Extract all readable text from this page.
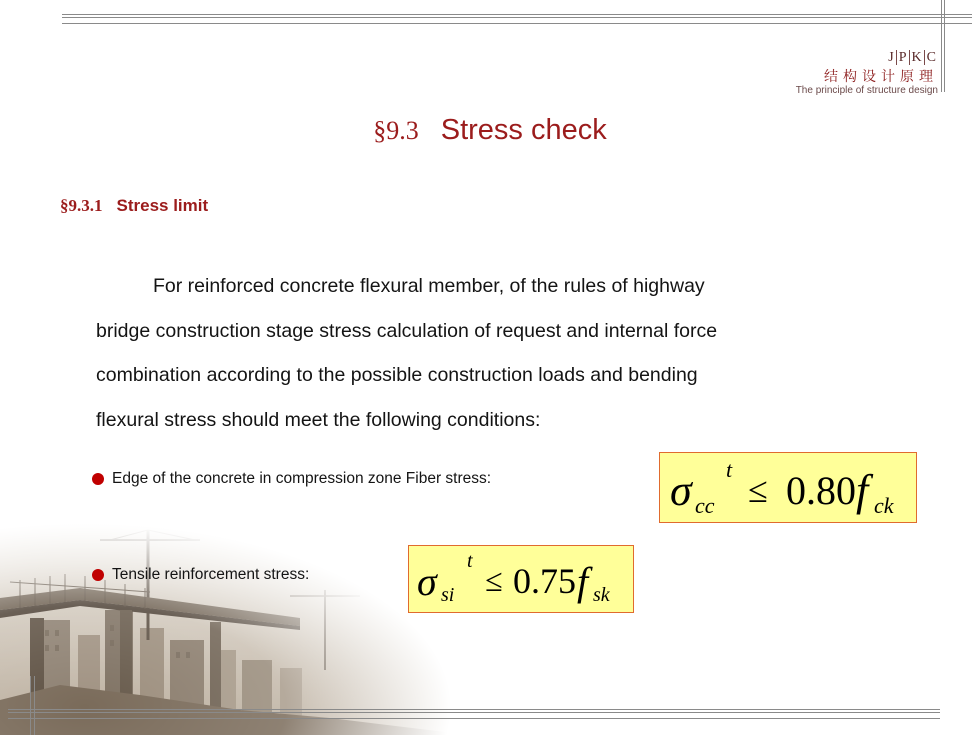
J P K C
结构设计原理
The principle of structure design
§9.3 Stress check
§9.3.1 Stress limit
For reinforced concrete flexural member, of the rules of highway
bridge construction stage stress calculation of request and internal force
combination according to the possible construction loads and bending
flexural stress should meet the following conditions:
Edge of the concrete in compression zone Fiber stress:	σ cc
t
≤ 0.80 f ck
Tensile reinforcement stress:	σ si
t
≤ 0.75 f sk
